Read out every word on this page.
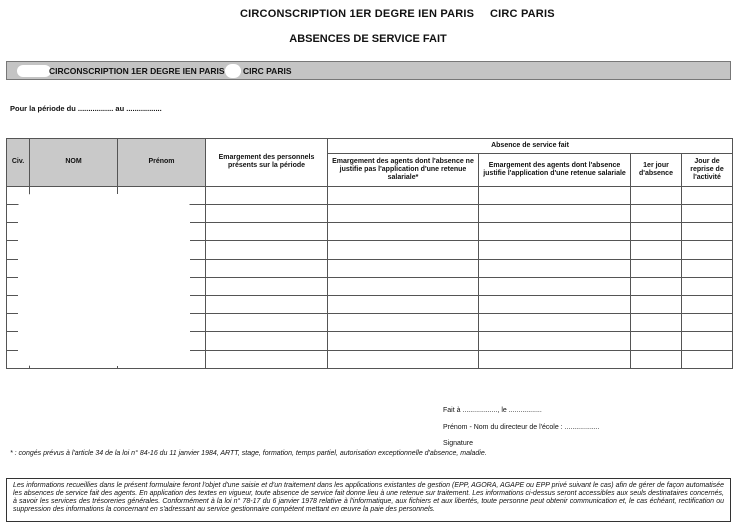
CIRCONSCRIPTION 1ER DEGRE IEN PARIS CIRC PARIS
ABSENCES DE SERVICE FAIT
CIRCONSCRIPTION 1ER DEGRE IEN PARIS CIRC PARIS
Pour la période du ................. au .................
Civ.	NOM	Prénom	Emargement des personnels présents sur la période	Absence de service fait			
				Emargement des agents dont l'absence ne justifie pas l'application d'une retenue salariale*	Emargement des agents dont l'absence justifie l'application d'une retenue salariale	1er jour d'absence	Jour de reprise de l'activité

Fait à .................., le .................
Prénom - Nom du directeur de l'école : ..................
Signature
* : congés prévus à l'article 34 de la loi n° 84-16 du 11 janvier 1984, ARTT, stage, formation, temps partiel, autorisation exceptionnelle d'absence, maladie.
Les informations recueillies dans le présent formulaire feront l'objet d'une saisie et d'un traitement dans les applications existantes de gestion (EPP, AGORA, AGAPE ou EPP privé suivant le cas) afin de gérer de façon automatisée les absences de service fait des agents. En application des textes en vigueur, toute absence de service fait donne lieu à une retenue sur traitement. Les informations ci-dessus seront accessibles aux seuls destinataires concernés, à savoir les services des trésoreries générales. Conformément à la loi n° 78-17 du 6 janvier 1978 relative à l'informatique, aux fichiers et aux libertés, toute personne peut obtenir communication et, le cas échéant, rectification ou suppression des informations la concernant en s'adressant au service gestionnaire compétent mettant en œuvre la paie des personnels.
